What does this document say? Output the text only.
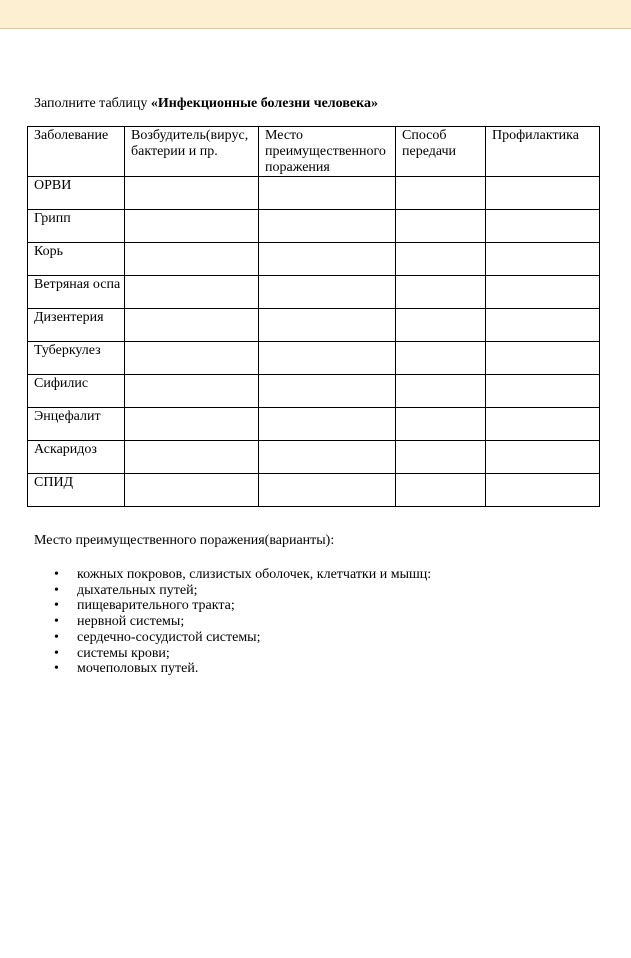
Заполните таблицу «Инфекционные болезни человека»
Заболевание	Возбудитель(вирус, бактерии и пр.	Место преимущественного поражения	Способ передачи	Профилактика
ОРВИ				
Грипп				
Корь				
Ветряная оспа				
Дизентерия				
Туберкулез				
Сифилис				
Энцефалит				
Аскаридоз				
СПИД				
Место преимущественного поражения(варианты):
• кожных покровов, слизистых оболочек, клетчатки и мышц:
• дыхательных путей;
• пищеварительного тракта;
• нервной системы;
• сердечно-сосудистой системы;
• системы крови;
• мочеполовых путей.
